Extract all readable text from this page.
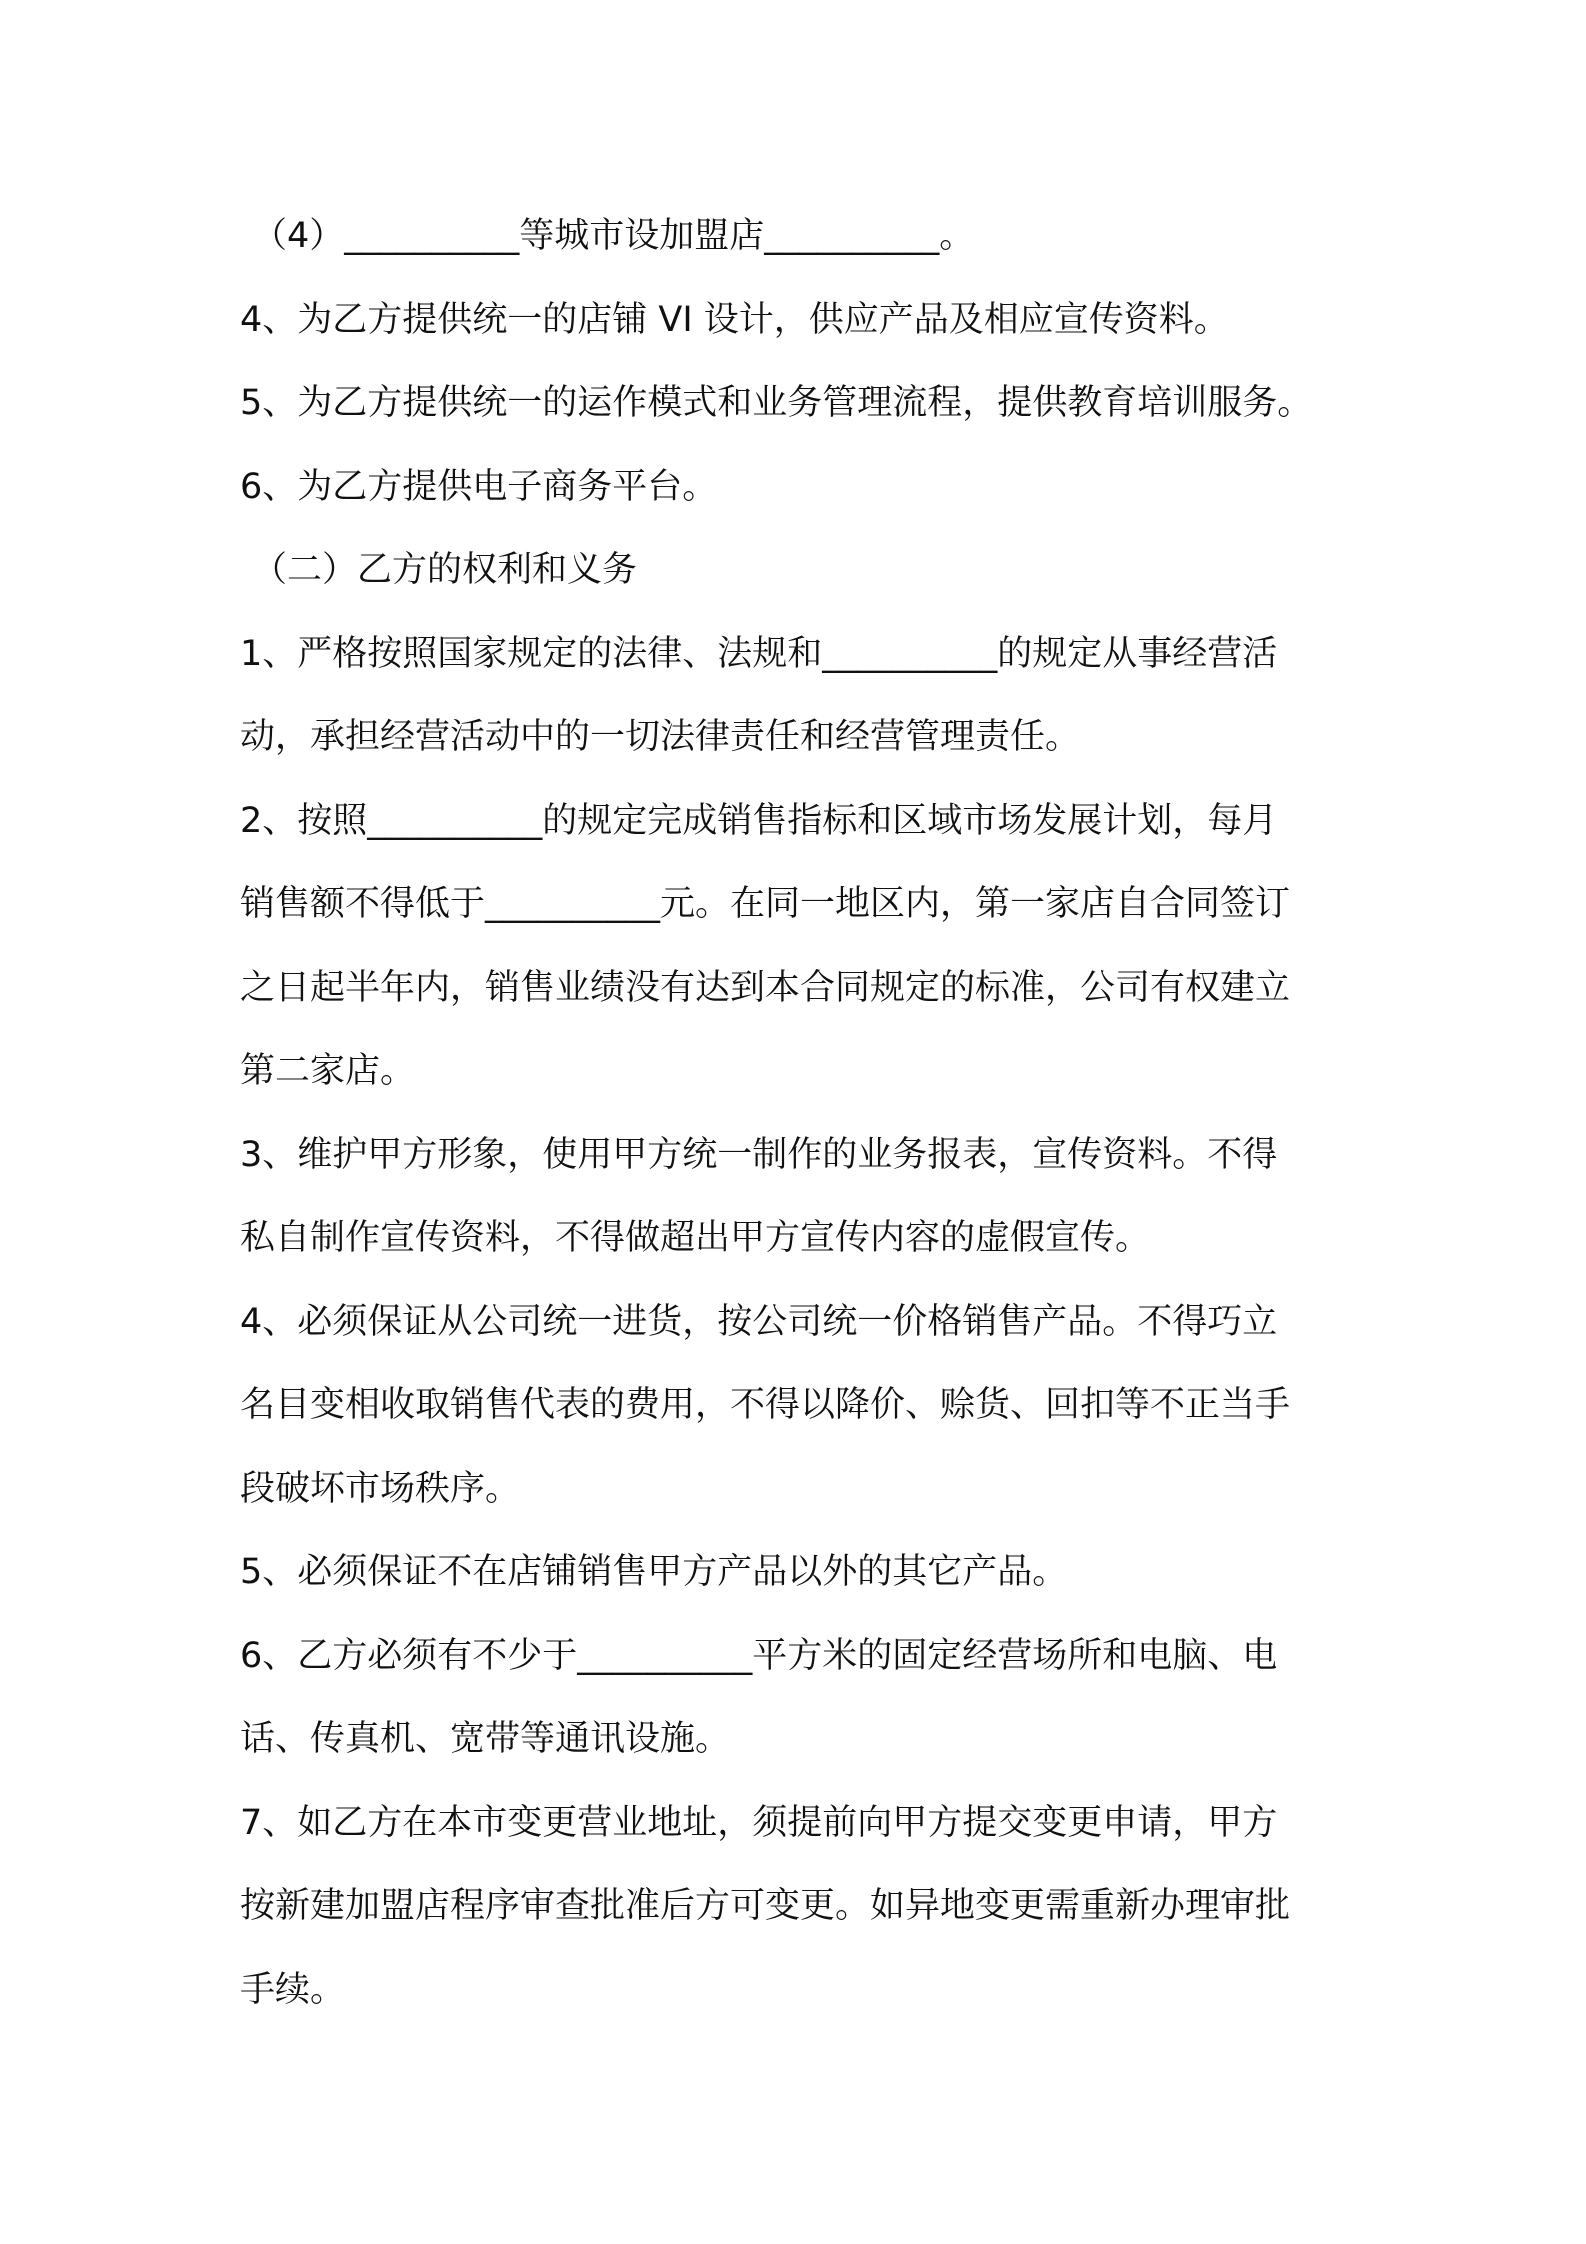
（4）__________等城市设加盟店__________。

4、为乙方提供统一的店铺 VI 设计，供应产品及相应宣传资料。

5、为乙方提供统一的运作模式和业务管理流程，提供教育培训服务。

6、为乙方提供电子商务平台。

（二）乙方的权利和义务

1、严格按照国家规定的法律、法规和__________的规定从事经营活
动，承担经营活动中的一切法律责任和经营管理责任。

2、按照__________的规定完成销售指标和区域市场发展计划，每月
销售额不得低于__________元。在同一地区内，第一家店自合同签订
之日起半年内，销售业绩没有达到本合同规定的标准，公司有权建立
第二家店。

3、维护甲方形象，使用甲方统一制作的业务报表，宣传资料。不得
私自制作宣传资料，不得做超出甲方宣传内容的虚假宣传。

4、必须保证从公司统一进货，按公司统一价格销售产品。不得巧立
名目变相收取销售代表的费用，不得以降价、赊货、回扣等不正当手
段破坏市场秩序。

5、必须保证不在店铺销售甲方产品以外的其它产品。

6、乙方必须有不少于__________平方米的固定经营场所和电脑、电
话、传真机、宽带等通讯设施。

7、如乙方在本市变更营业地址，须提前向甲方提交变更申请，甲方
按新建加盟店程序审查批准后方可变更。如异地变更需重新办理审批
手续。
